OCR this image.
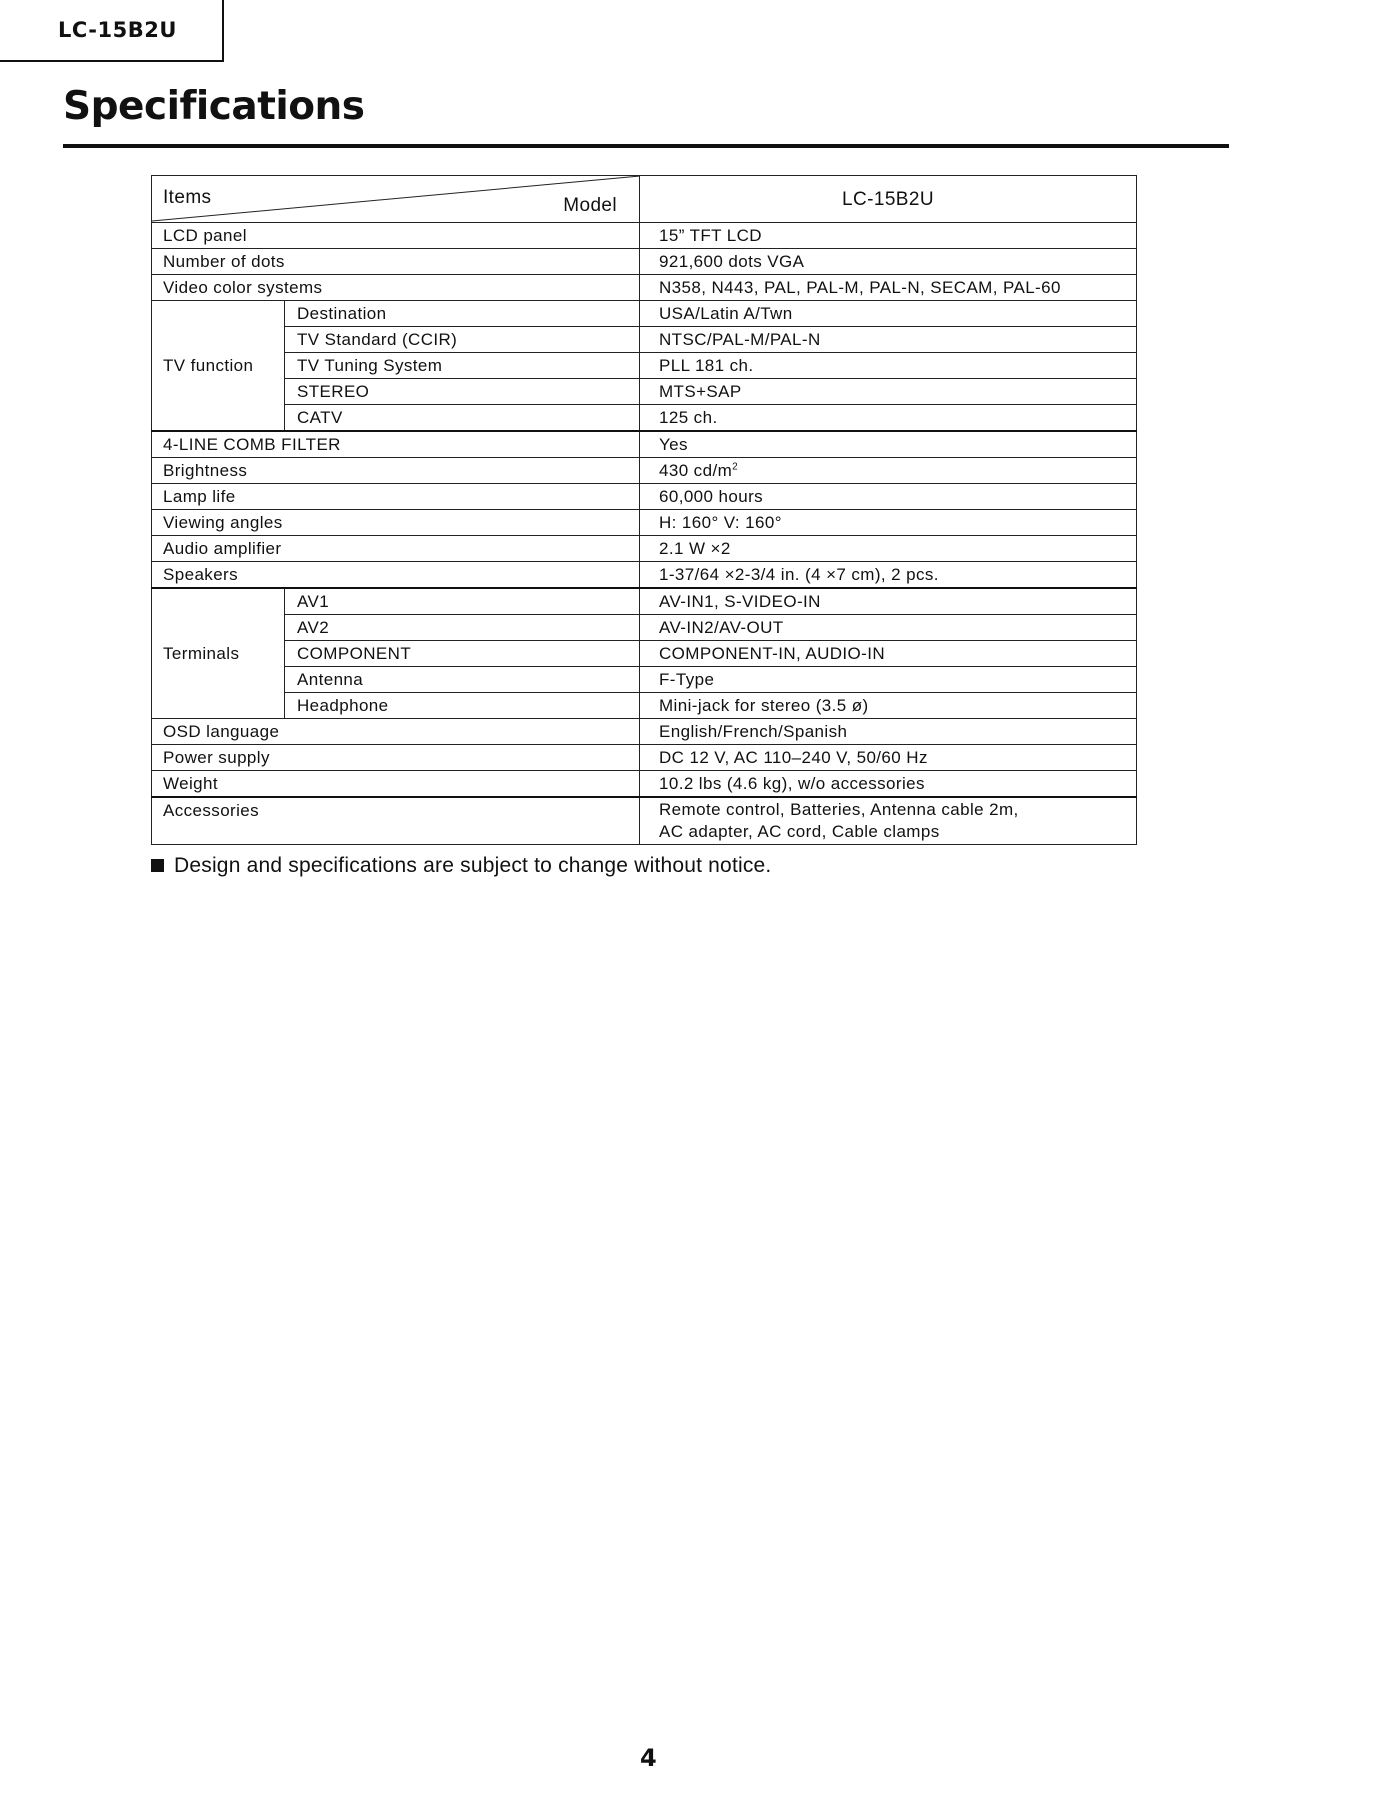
LC-15B2U
Specifications
Items Model		LC-15B2U
LCD panel		15” TFT LCD
Number of dots		921,600 dots VGA
Video color systems		N358, N443, PAL, PAL-M, PAL-N, SECAM, PAL-60
TV function	Destination	USA/Latin A/Twn
	TV Standard (CCIR)	NTSC/PAL-M/PAL-N
	TV Tuning System	PLL 181 ch.
	STEREO	MTS+SAP
	CATV	125 ch.
4-LINE COMB FILTER		Yes
Brightness		430 $cd/m^2$
Lamp life		60,000 hours
Viewing angles		H: 160° V: 160°
Audio amplifier		2.1 W ×2
Speakers		1-37/64 ×2-3/4 in. (4 ×7 cm), 2 pcs.
Terminals	AV1	AV-IN1, S-VIDEO-IN
	AV2	AV-IN2/AV-OUT
	COMPONENT	COMPONENT-IN, AUDIO-IN
	Antenna	F-Type
	Headphone	Mini-jack for stereo (3.5 ø)
OSD language		English/French/Spanish
Power supply		DC 12 V, AC 110–240 V, 50/60 Hz
Weight		10.2 lbs (4.6 kg), w/o accessories
Accessories		Remote control, Batteries, Antenna cable 2m,
AC adapter, AC cord, Cable clamps
Design and specifications are subject to change without notice.
4
